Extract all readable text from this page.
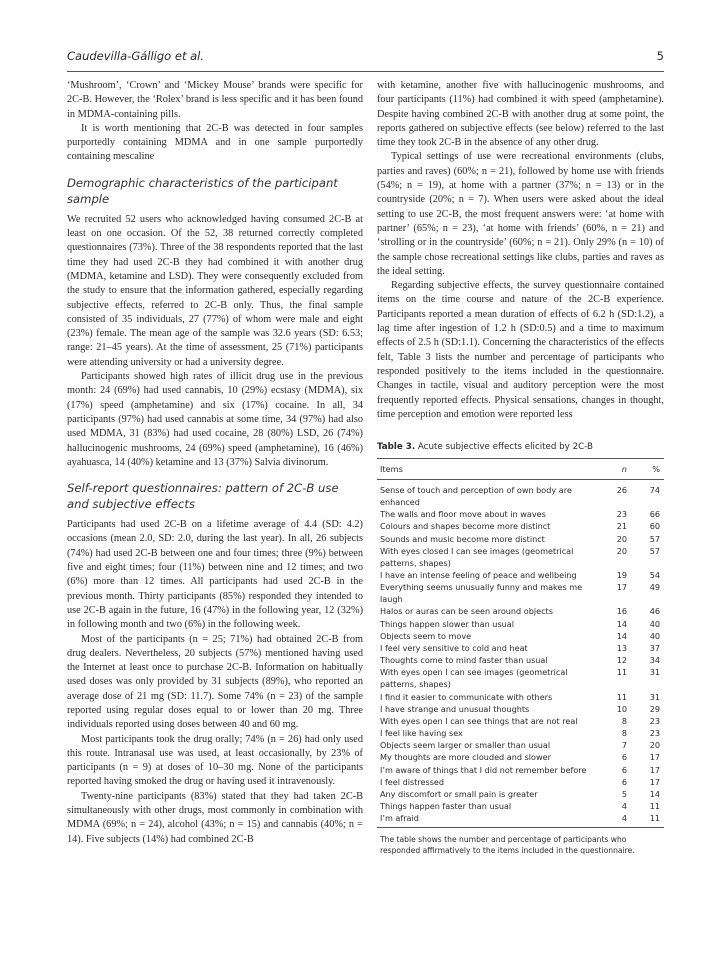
Caudevilla-Gálligo et al.	5

‘Mushroom’, ‘Crown’ and ‘Mickey Mouse’ brands were specific for 2C-B. However, the ‘Rolex’ brand is less specific and it has been found in MDMA-containing pills.

It is worth mentioning that 2C-B was detected in four samples purportedly containing MDMA and in one sample purportedly containing mescaline

Demographic characteristics of the participant sample

We recruited 52 users who acknowledged having consumed 2C-B at least on one occasion. Of the 52, 38 returned correctly completed questionnaires (73%). Three of the 38 respondents reported that the last time they had used 2C-B they had combined it with another drug (MDMA, ketamine and LSD). They were consequently excluded from the study to ensure that the information gathered, especially regarding subjective effects, referred to 2C-B only. Thus, the final sample consisted of 35 individuals, 27 (77%) of whom were male and eight (23%) female. The mean age of the sample was 32.6 years (SD: 6.53; range: 21–45 years). At the time of assessment, 25 (71%) participants were attending university or had a university degree.

Participants showed high rates of illicit drug use in the previous month: 24 (69%) had used cannabis, 10 (29%) ecstasy (MDMA), six (17%) speed (amphetamine) and six (17%) cocaine. In all, 34 participants (97%) had used cannabis at some time, 34 (97%) had also used MDMA, 31 (83%) had used cocaine, 28 (80%) LSD, 26 (74%) hallucinogenic mushrooms, 24 (69%) speed (amphetamine), 16 (46%) ayahuasca, 14 (40%) ketamine and 13 (37%) Salvia divinorum.

Self-report questionnaires: pattern of 2C-B use and subjective effects

Participants had used 2C-B on a lifetime average of 4.4 (SD: 4.2) occasions (mean 2.0, SD: 2.0, during the last year). In all, 26 subjects (74%) had used 2C-B between one and four times; three (9%) between five and eight times; four (11%) between nine and 12 times; and two (6%) more than 12 times. All participants had used 2C-B in the previous month. Thirty participants (85%) responded they intended to use 2C-B again in the future, 16 (47%) in the following year, 12 (32%) in following month and two (6%) in the following week.

Most of the participants (n = 25; 71%) had obtained 2C-B from drug dealers. Nevertheless, 20 subjects (57%) mentioned having used the Internet at least once to purchase 2C-B. Information on habitually used doses was only provided by 31 subjects (89%), who reported an average dose of 21 mg (SD: 11.7). Some 74% (n = 23) of the sample reported using regular doses equal to or lower than 20 mg. Three individuals reported using doses between 40 and 60 mg.

Most participants took the drug orally; 74% (n = 26) had only used this route. Intranasal use was used, at least occasionally, by 23% of participants (n = 9) at doses of 10–30 mg. None of the participants reported having smoked the drug or having used it intravenously.

Twenty-nine participants (83%) stated that they had taken 2C-B simultaneously with other drugs, most commonly in combination with MDMA (69%; n = 24), alcohol (43%; n = 15) and cannabis (40%; n = 14). Five subjects (14%) had combined 2C-B

with ketamine, another five with hallucinogenic mushrooms, and four participants (11%) had combined it with speed (amphetamine). Despite having combined 2C-B with another drug at some point, the reports gathered on subjective effects (see below) referred to the last time they took 2C-B in the absence of any other drug.

Typical settings of use were recreational environments (clubs, parties and raves) (60%; n = 21), followed by home use with friends (54%; n = 19), at home with a partner (37%; n = 13) or in the countryside (20%; n = 7). When users were asked about the ideal setting to use 2C-B, the most frequent answers were: ‘at home with partner’ (65%; n = 23), ‘at home with friends’ (60%, n = 21) and ‘strolling or in the countryside’ (60%; n = 21). Only 29% (n = 10) of the sample chose recreational settings like clubs, parties and raves as the ideal setting.

Regarding subjective effects, the survey questionnaire contained items on the time course and nature of the 2C-B experience. Participants reported a mean duration of effects of 6.2 h (SD:1.2), a lag time after ingestion of 1.2 h (SD:0.5) and a time to maximum effects of 2.5 h (SD:1.1). Concerning the characteristics of the effects felt, Table 3 lists the number and percentage of participants who responded positively to the items included in the questionnaire. Changes in tactile, visual and auditory perception were the most frequently reported effects. Physical sensations, changes in thought, time perception and emotion were reported less

Table 3. Acute subjective effects elicited by 2C-B
Items	n	%
Sense of touch and perception of own body are enhanced
26	74
The walls and floor move about in waves	23	66
Colours and shapes become more distinct	21	60
Sounds and music become more distinct	20	57
With eyes closed I can see images (geometrical patterns, shapes)
20	57
I have an intense feeling of peace and wellbeing	19	54
Everything seems unusually funny and makes me laugh
17	49
Halos or auras can be seen around objects	16	46
Things happen slower than usual	14	40
Objects seem to move	14	40
I feel very sensitive to cold and heat	13	37
Thoughts come to mind faster than usual	12	34
With eyes open I can see images (geometrical patterns, shapes)
11	31
I find it easier to communicate with others	11	31
I have strange and unusual thoughts	10	29
With eyes open I can see things that are not real	8	23
I feel like having sex	8	23
Objects seem larger or smaller than usual	7	20
My thoughts are more clouded and slower	6	17
I’m aware of things that I did not remember before	6	17
I feel distressed	6	17
Any discomfort or small pain is greater	5	14
Things happen faster than usual	4	11
I’m afraid	4	11
The table shows the number and percentage of participants who responded affirmatively to the items included in the questionnaire.
